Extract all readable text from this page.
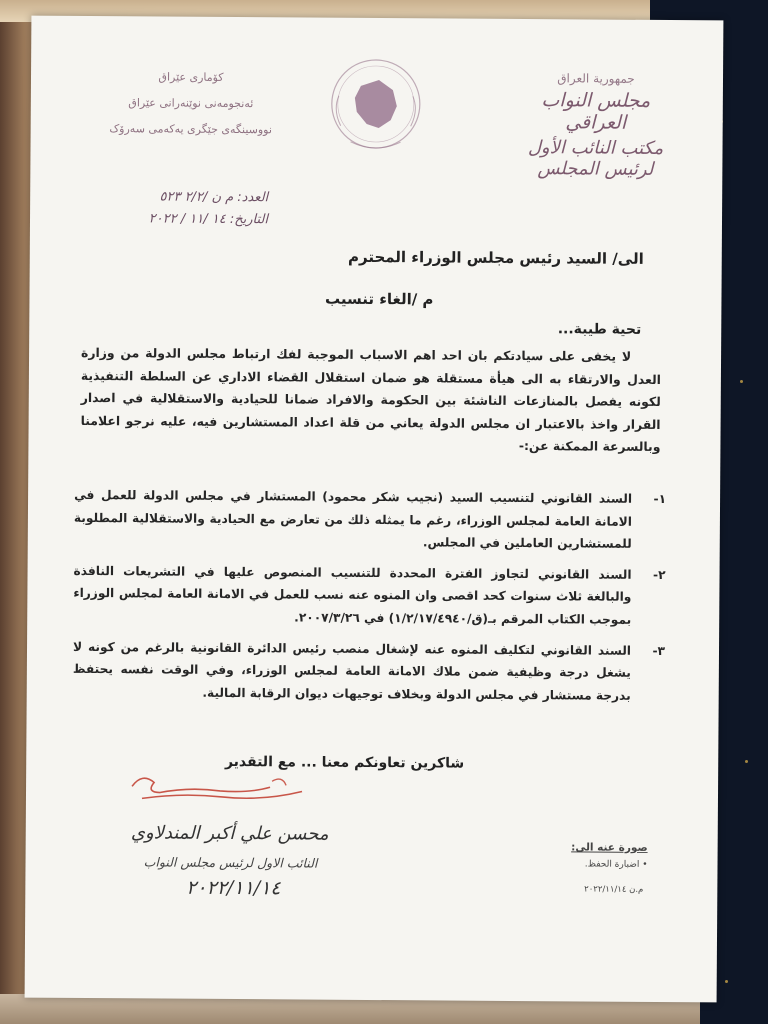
جمهورية العراق
مجلس النواب العراقي
مكتب النائب الأول لرئيس المجلس
كۆماری عێراق
ئەنجومەنی نوێنەرانی عێراق
نووسینگەی جێگری یەکەمی سەرۆک
العدد: م ن /٢/٢ ٥٢٣
التاريخ: ١٤ /١١ / ٢٠٢٢
الى/ السيد رئيس مجلس الوزراء المحترم
م /الغاء تنسيب
تحية طيبة...

لا يخفى على سيادتكم بان احد اهم الاسباب الموجبة لفك ارتباط مجلس الدولة من وزارة العدل والارتقاء به الى هيأة مستقلة هو ضمان استقلال القضاء الاداري عن السلطة التنفيذية لكونه يفصل بالمنازعات الناشئة بين الحكومة والافراد ضمانا للحيادية والاستقلالية في اصدار القرار واخذ بالاعتبار ان مجلس الدولة يعاني من قلة اعداد المستشارين فيه، عليه نرجو اعلامنا وبالسرعة الممكنة عن:-

١-
السند القانوني لتنسيب السيد (نجيب شكر محمود) المستشار في مجلس الدولة للعمل في الامانة العامة لمجلس الوزراء، رغم ما يمثله ذلك من تعارض مع الحيادية والاستقلالية المطلوبة للمستشارين العاملين في المجلس.
٢-
السند القانوني لتجاوز الفترة المحددة للتنسيب المنصوص عليها في التشريعات النافذة والبالغة ثلاث سنوات كحد اقصى وان المنوه عنه نسب للعمل في الامانة العامة لمجلس الوزراء بموجب الكتاب المرقم بـ(ق/١/٢/١٧/٤٩٤٠) في ٢٠٠٧/٣/٢٦.
٣-
السند القانوني لتكليف المنوه عنه لإشغال منصب رئيس الدائرة القانونية بالرغم من كونه لا يشغل درجة وظيفية ضمن ملاك الامانة العامة لمجلس الوزراء، وفي الوقت نفسه يحتفظ بدرجة مستشار في مجلس الدولة وبخلاف توجيهات ديوان الرقابة المالية.
شاكرين تعاونكم معنا ... مع التقدير
محسن علي أكبر المندلاوي
النائب الاول لرئيس مجلس النواب
٢٠٢٢/١١/١٤
صورة عنه الى:
• اضبارة الحفظ.
م.ن ٢٠٢٢/١١/١٤
